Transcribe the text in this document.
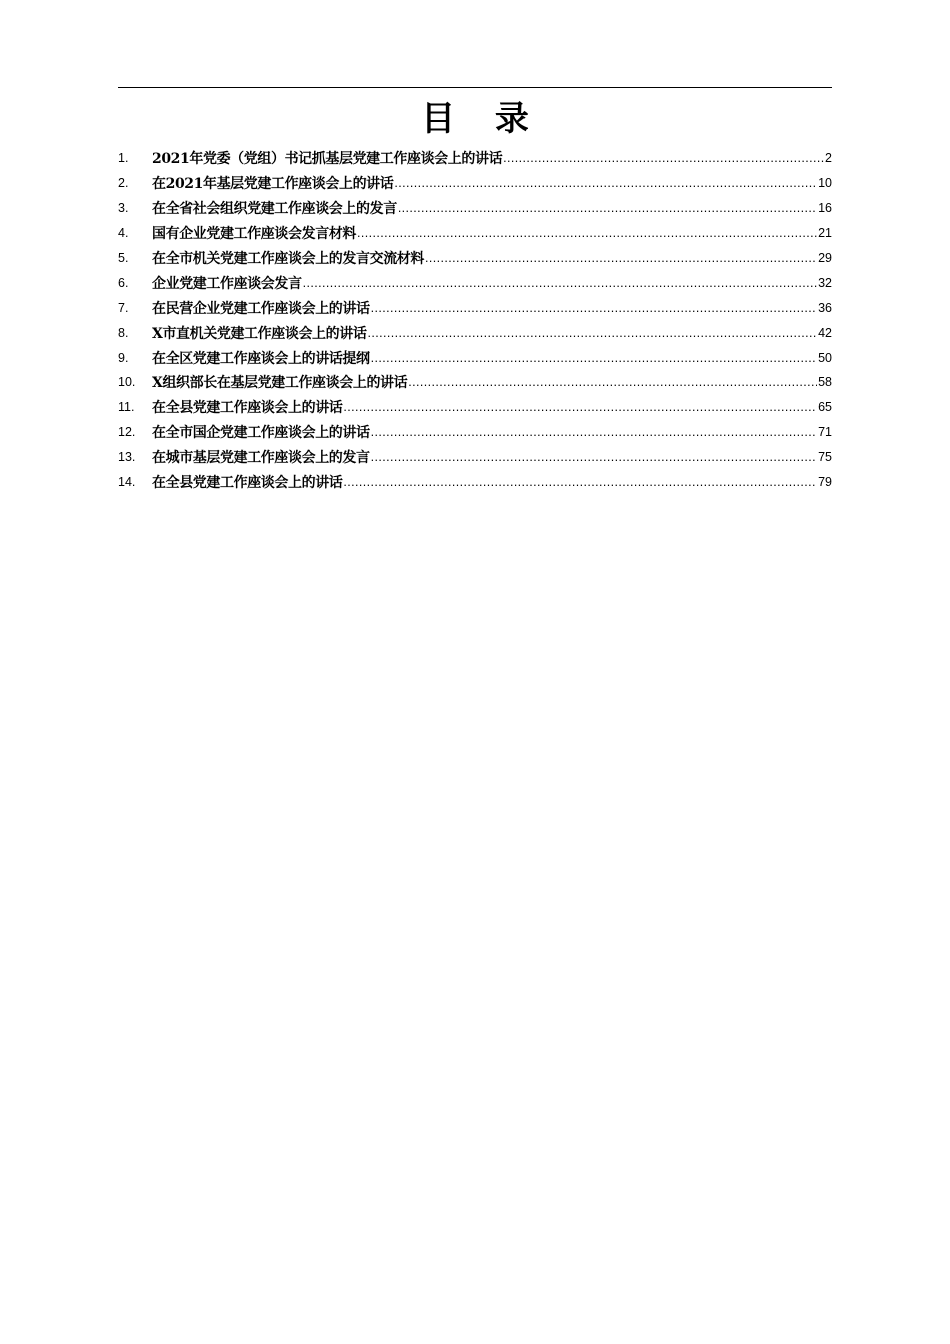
目 录
1.	2021年党委（党组）书记抓基层党建工作座谈会上的讲话 .....	2
2.	在2021年基层党建工作座谈会上的讲话 .....	10
3.	在全省社会组织党建工作座谈会上的发言 .....	16
4.	国有企业党建工作座谈会发言材料 .....	21
5.	在全市机关党建工作座谈会上的发言交流材料 .....	29
6.	企业党建工作座谈会发言 .....	32
7.	在民营企业党建工作座谈会上的讲话 .....	36
8.	X市直机关党建工作座谈会上的讲话 .....	42
9.	在全区党建工作座谈会上的讲话提纲 .....	50
10.	X组织部长在基层党建工作座谈会上的讲话 .....	58
11.	在全县党建工作座谈会上的讲话 .....	65
12.	在全市国企党建工作座谈会上的讲话 .....	71
13.	在城市基层党建工作座谈会上的发言 .....	75
14.	在全县党建工作座谈会上的讲话 .....	79
